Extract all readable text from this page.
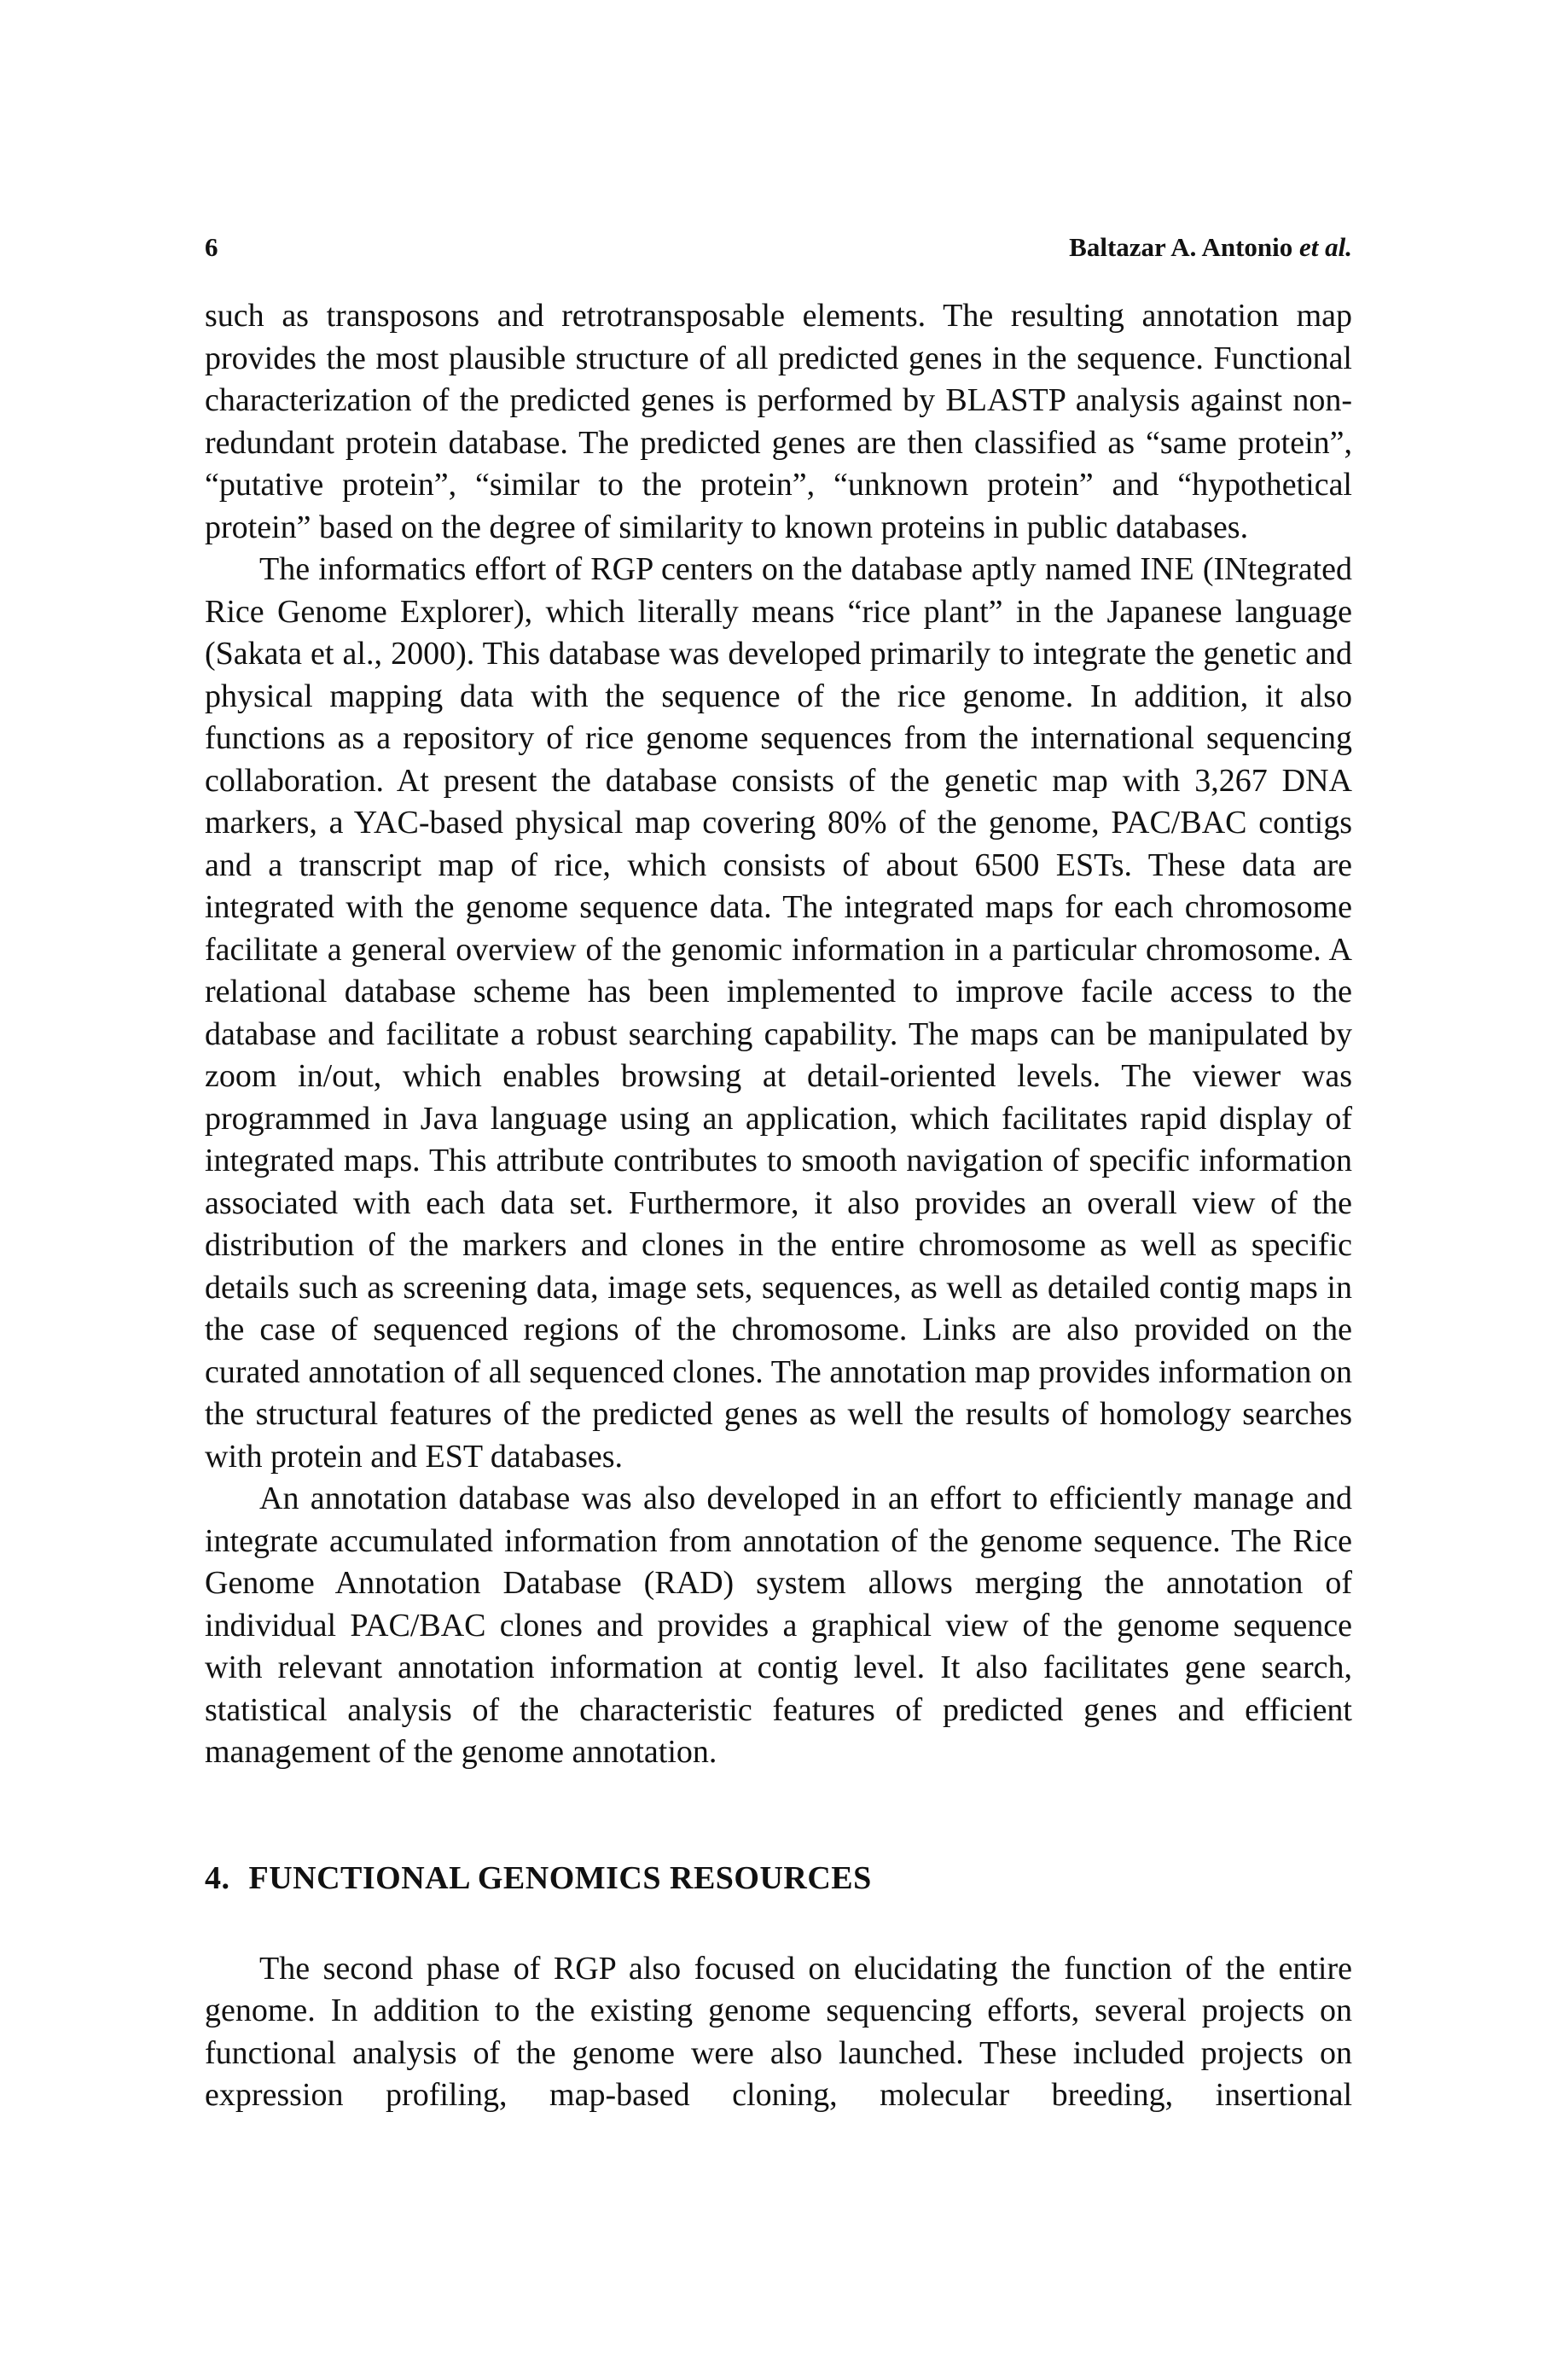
6	Baltazar A. Antonio et al.

such as transposons and retrotransposable elements. The resulting annotation map provides the most plausible structure of all predicted genes in the sequence. Functional characterization of the predicted genes is performed by BLASTP analysis against non-redundant protein database. The predicted genes are then classified as “same protein”, “putative protein”, “similar to the protein”, “unknown protein” and “hypothetical protein” based on the degree of similarity to known proteins in public databases.

The informatics effort of RGP centers on the database aptly named INE (INtegrated Rice Genome Explorer), which literally means “rice plant” in the Japanese language (Sakata et al., 2000). This database was developed primarily to integrate the genetic and physical mapping data with the sequence of the rice genome. In addition, it also functions as a repository of rice genome sequences from the international sequencing collaboration. At present the database consists of the genetic map with 3,267 DNA markers, a YAC-based physical map covering 80% of the genome, PAC/BAC contigs and a transcript map of rice, which consists of about 6500 ESTs. These data are integrated with the genome sequence data. The integrated maps for each chromosome facilitate a general overview of the genomic information in a particular chromosome. A relational database scheme has been implemented to improve facile access to the database and facilitate a robust searching capability. The maps can be manipulated by zoom in/out, which enables browsing at detail-oriented levels. The viewer was programmed in Java language using an application, which facilitates rapid display of integrated maps. This attribute contributes to smooth navigation of specific information associated with each data set. Furthermore, it also provides an overall view of the distribution of the markers and clones in the entire chromosome as well as specific details such as screening data, image sets, sequences, as well as detailed contig maps in the case of sequenced regions of the chromosome. Links are also provided on the curated annotation of all sequenced clones. The annotation map provides information on the structural features of the predicted genes as well the results of homology searches with protein and EST databases.

An annotation database was also developed in an effort to efficiently manage and integrate accumulated information from annotation of the genome sequence. The Rice Genome Annotation Database (RAD) system allows merging the annotation of individual PAC/BAC clones and provides a graphical view of the genome sequence with relevant annotation information at contig level. It also facilitates gene search, statistical analysis of the characteristic features of predicted genes and efficient management of the genome annotation.

4. FUNCTIONAL GENOMICS RESOURCES

The second phase of RGP also focused on elucidating the function of the entire genome. In addition to the existing genome sequencing efforts, several projects on functional analysis of the genome were also launched. These included projects on expression profiling, map-based cloning, molecular breeding, insertional
